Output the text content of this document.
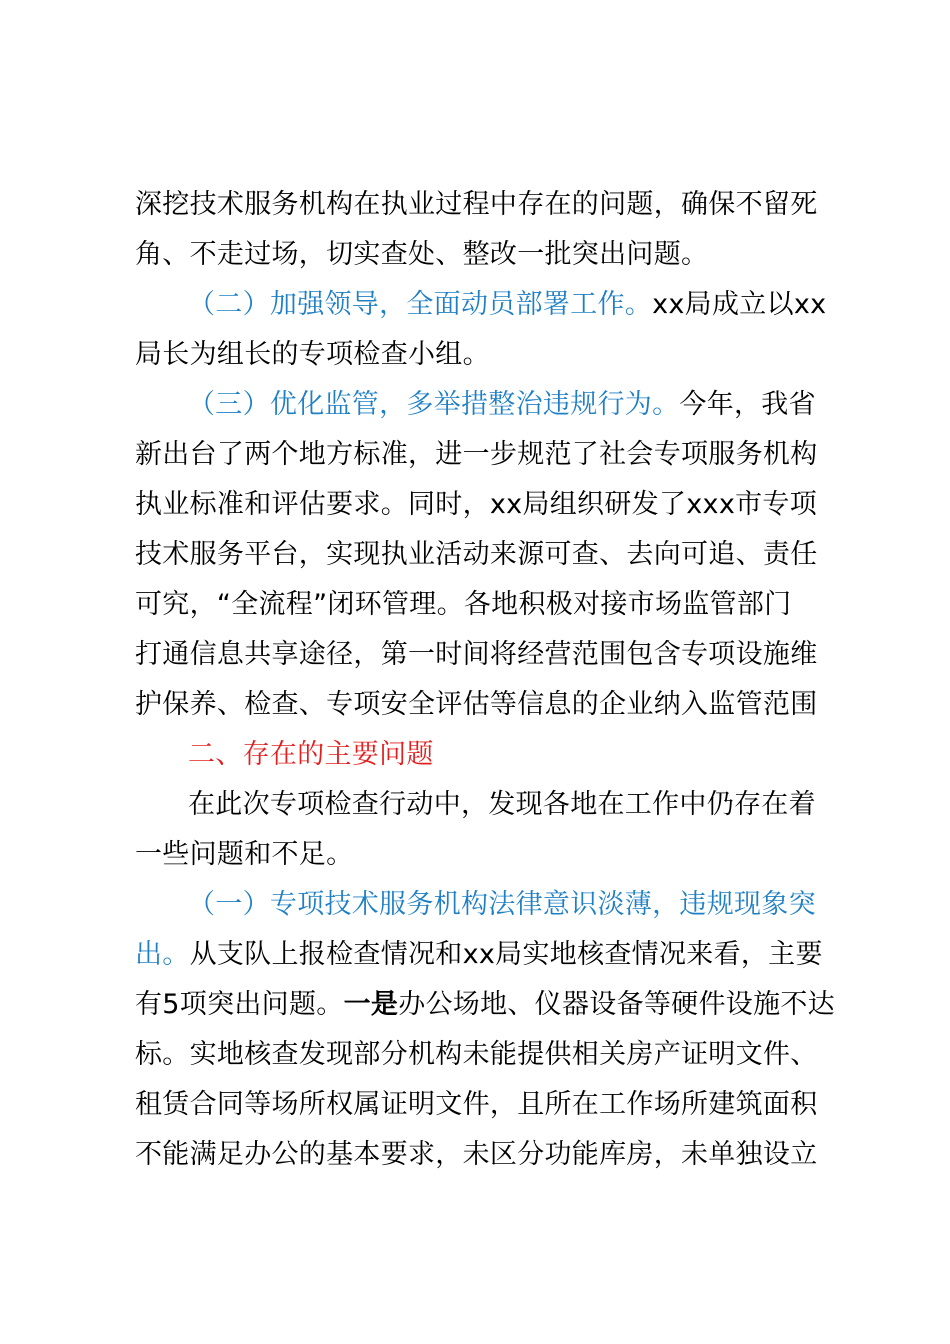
深挖技术服务机构在执业过程中存在的问题，确保不留死
角、不走过场，切实查处、整改一批突出问题。
（二）加强领导，全面动员部署工作。xx局成立以xx
局长为组长的专项检查小组。
（三）优化监管，多举措整治违规行为。今年，我省
新出台了两个地方标准，进一步规范了社会专项服务机构
执业标准和评估要求。同时，xx局组织研发了xxx市专项
技术服务平台，实现执业活动来源可查、去向可追、责任
可究，“全流程”闭环管理。各地积极对接市场监管部门
打通信息共享途径，第一时间将经营范围包含专项设施维
护保养、检查、专项安全评估等信息的企业纳入监管范围
二、存在的主要问题
在此次专项检查行动中，发现各地在工作中仍存在着
一些问题和不足。
（一）专项技术服务机构法律意识淡薄，违规现象突
出。从支队上报检查情况和xx局实地核查情况来看，主要
有5项突出问题。一是办公场地、仪器设备等硬件设施不达
标。实地核查发现部分机构未能提供相关房产证明文件、
租赁合同等场所权属证明文件，且所在工作场所建筑面积
不能满足办公的基本要求，未区分功能库房，未单独设立
